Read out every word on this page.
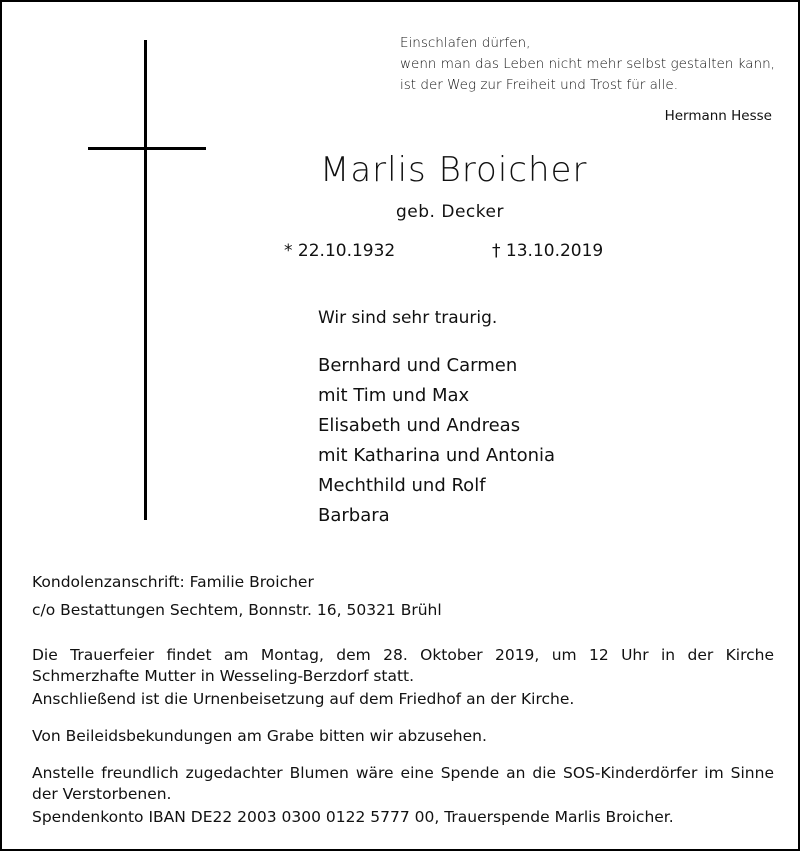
Einschlafen dürfen,
wenn man das Leben nicht mehr selbst gestalten kann,
ist der Weg zur Freiheit und Trost für alle.
Hermann Hesse
Marlis Broicher
geb. Decker
* 22.10.1932	† 13.10.2019
Wir sind sehr traurig.
Bernhard und Carmen
mit Tim und Max
Elisabeth und Andreas
mit Katharina und Antonia
Mechthild und Rolf
Barbara
Kondolenzanschrift: Familie Broicher
c/o Bestattungen Sechtem, Bonnstr. 16, 50321 Brühl
Die Trauerfeier findet am Montag, dem 28. Oktober 2019, um 12 Uhr in der Kirche Schmerzhafte Mutter in Wesseling-Berzdorf statt.
Anschließend ist die Urnenbeisetzung auf dem Friedhof an der Kirche.
Von Beileidsbekundungen am Grabe bitten wir abzusehen.
Anstelle freundlich zugedachter Blumen wäre eine Spende an die SOS-Kinderdörfer im Sinne der Verstorbenen.
Spendenkonto IBAN DE22 2003 0300 0122 5777 00, Trauerspende Marlis Broicher.
